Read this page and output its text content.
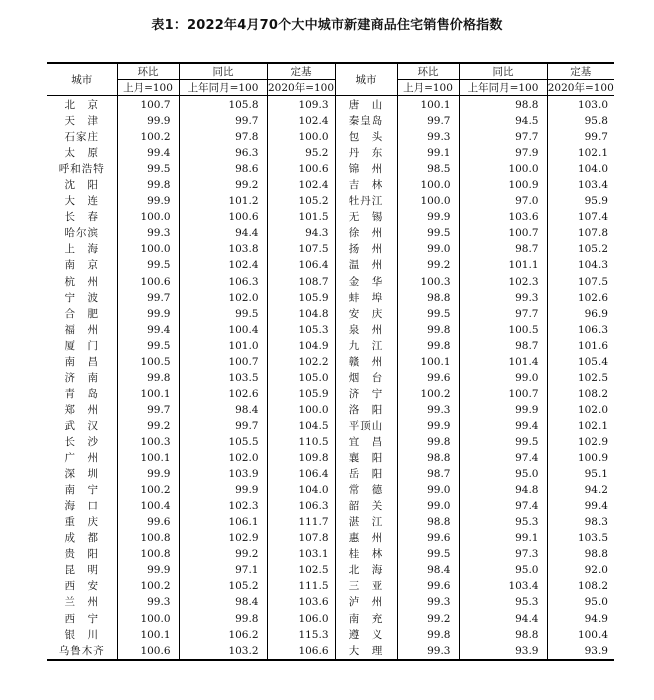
表1：2022年4月70个大中城市新建商品住宅销售价格指数
城市	环比	同比	定基	城市	环比	同比	定基
	上月=100	上年同月=100	2020年=100		上月=100	上年同月=100	2020年=100
北　京	100.7	105.8	109.3	唐　山	100.1	98.8	103.0
天　津	99.9	99.7	102.4	秦皇岛	99.7	94.5	95.8
石家庄	100.2	97.8	100.0	包　头	99.3	97.7	99.7
太　原	99.4	96.3	95.2	丹　东	99.1	97.9	102.1
呼和浩特	99.5	98.6	100.6	锦　州	98.5	100.0	104.0
沈　阳	99.8	99.2	102.4	吉　林	100.0	100.9	103.4
大　连	99.9	101.2	105.2	牡丹江	100.0	97.0	95.9
长　春	100.0	100.6	101.5	无　锡	99.9	103.6	107.4
哈尔滨	99.3	94.4	94.3	徐　州	99.5	100.7	107.8
上　海	100.0	103.8	107.5	扬　州	99.0	98.7	105.2
南　京	99.5	102.4	106.4	温　州	99.2	101.1	104.3
杭　州	100.6	106.3	108.7	金　华	100.3	102.3	107.5
宁　波	99.7	102.0	105.9	蚌　埠	98.8	99.3	102.6
合　肥	99.9	99.5	104.8	安　庆	99.5	97.7	96.9
福　州	99.4	100.4	105.3	泉　州	99.8	100.5	106.3
厦　门	99.5	101.0	104.9	九　江	99.8	98.7	101.6
南　昌	100.5	100.7	102.2	赣　州	100.1	101.4	105.4
济　南	99.8	103.5	105.0	烟　台	99.6	99.0	102.5
青　岛	100.1	102.6	105.9	济　宁	100.2	100.7	108.2
郑　州	99.7	98.4	100.0	洛　阳	99.3	99.9	102.0
武　汉	99.2	99.7	104.5	平顶山	99.9	99.4	102.1
长　沙	100.3	105.5	110.5	宜　昌	99.8	99.5	102.9
广　州	100.1	102.0	109.8	襄　阳	98.8	97.4	100.9
深　圳	99.9	103.9	106.4	岳　阳	98.7	95.0	95.1
南　宁	100.2	99.9	104.0	常　德	99.0	94.8	94.2
海　口	100.4	102.3	106.3	韶　关	99.0	97.4	99.4
重　庆	99.6	106.1	111.7	湛　江	98.8	95.3	98.3
成　都	100.8	102.9	107.8	惠　州	99.6	99.1	103.5
贵　阳	100.8	99.2	103.1	桂　林	99.5	97.3	98.8
昆　明	99.9	97.1	102.5	北　海	98.4	95.0	92.0
西　安	100.2	105.2	111.5	三　亚	99.6	103.4	108.2
兰　州	99.3	98.4	103.6	泸　州	99.3	95.3	95.0
西　宁	100.0	99.8	106.0	南　充	99.2	94.4	94.9
银　川	100.1	106.2	115.3	遵　义	99.8	98.8	100.4
乌鲁木齐	100.6	103.2	106.6	大　理	99.3	93.9	93.9
